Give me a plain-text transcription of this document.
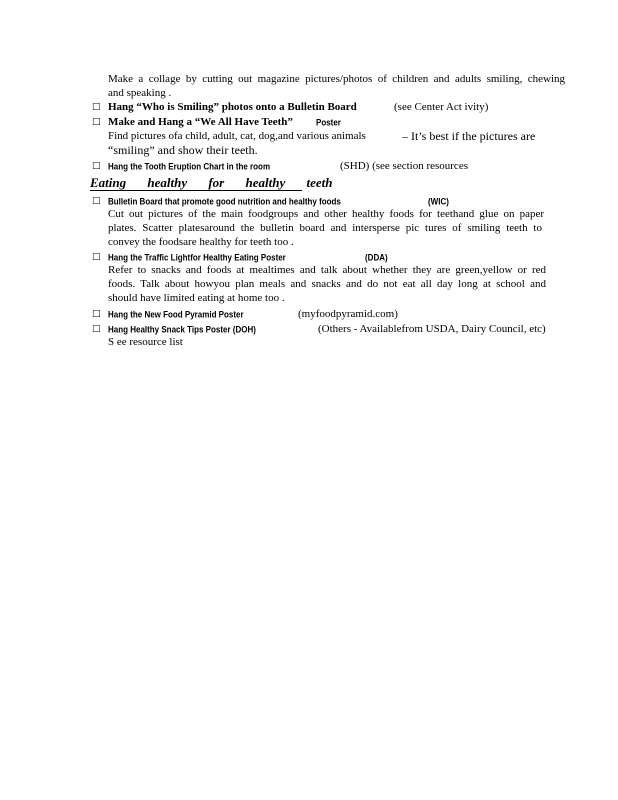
Make a collage by cutting out magazine pictures/photos of children and adults smiling, chewing
and speaking .
□ Hang “Who is Smiling” photos onto a Bulletin Board	(see Center Act ivity)
□ Make and Hang a “We All Have Teeth”	Poster
Find pictures ofa child, adult, cat, dog,and various animals	– It’s best if the pictures are
“smiling” and show their teeth.
□ Hang the Tooth Eruption Chart in the room	(SHD) (see section resources
Eating healthy for healthy teeth
□ Bulletin Board that promote good nutrition and healthy foods	(WIC)
Cut out pictures of the main foodgroups and other healthy foods for teethand glue on paper
plates. Scatter platesaround the bulletin board and intersperse pic tures of smiling teeth to
convey the foodsare healthy for teeth too .
□ Hang the Traffic Lightfor Healthy Eating Poster	(DDA)
Refer to snacks and foods at mealtimes and talk about whether they are green,yellow or red
foods. Talk about howyou plan meals and snacks and do not eat all day long at school and
should have limited eating at home too .
□ Hang the New Food Pyramid Poster	(myfoodpyramid.com)
□ Hang Healthy Snack Tips Poster (DOH)	(Others - Availablefrom USDA, Dairy Council, etc)
S ee resource list
